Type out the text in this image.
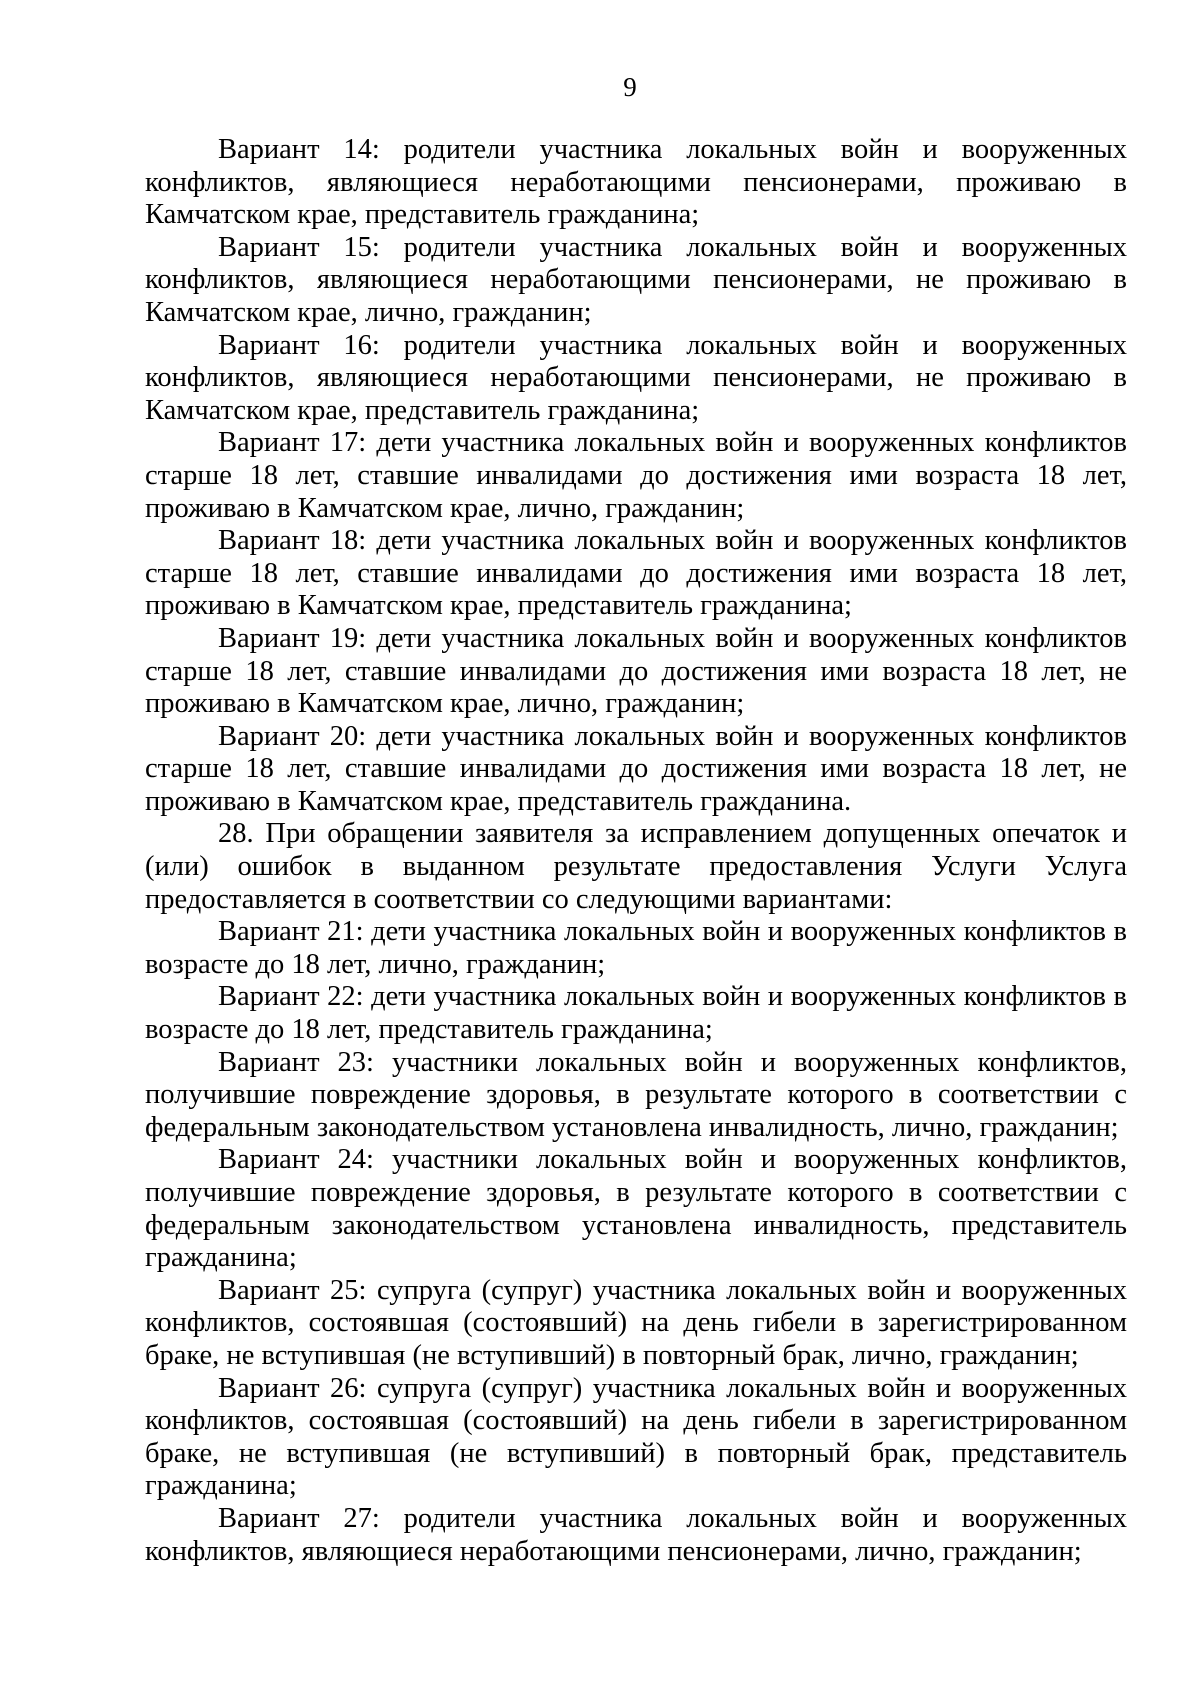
9

Вариант 14: родители участника локальных войн и вооруженных конфликтов, являющиеся неработающими пенсионерами, проживаю в Камчатском крае, представитель гражданина;

Вариант 15: родители участника локальных войн и вооруженных конфликтов, являющиеся неработающими пенсионерами, не проживаю в Камчатском крае, лично, гражданин;

Вариант 16: родители участника локальных войн и вооруженных конфликтов, являющиеся неработающими пенсионерами, не проживаю в Камчатском крае, представитель гражданина;

Вариант 17: дети участника локальных войн и вооруженных конфликтов старше 18 лет, ставшие инвалидами до достижения ими возраста 18 лет, проживаю в Камчатском крае, лично, гражданин;

Вариант 18: дети участника локальных войн и вооруженных конфликтов старше 18 лет, ставшие инвалидами до достижения ими возраста 18 лет, проживаю в Камчатском крае, представитель гражданина;

Вариант 19: дети участника локальных войн и вооруженных конфликтов старше 18 лет, ставшие инвалидами до достижения ими возраста 18 лет, не проживаю в Камчатском крае, лично, гражданин;

Вариант 20: дети участника локальных войн и вооруженных конфликтов старше 18 лет, ставшие инвалидами до достижения ими возраста 18 лет, не проживаю в Камчатском крае, представитель гражданина.

28. При обращении заявителя за исправлением допущенных опечаток и (или) ошибок в выданном результате предоставления Услуги Услуга предоставляется в соответствии со следующими вариантами:

Вариант 21: дети участника локальных войн и вооруженных конфликтов в возрасте до 18 лет, лично, гражданин;

Вариант 22: дети участника локальных войн и вооруженных конфликтов в возрасте до 18 лет, представитель гражданина;

Вариант 23: участники локальных войн и вооруженных конфликтов, получившие повреждение здоровья, в результате которого в соответствии с федеральным законодательством установлена инвалидность, лично, гражданин;

Вариант 24: участники локальных войн и вооруженных конфликтов, получившие повреждение здоровья, в результате которого в соответствии с федеральным законодательством установлена инвалидность, представитель гражданина;

Вариант 25: супруга (супруг) участника локальных войн и вооруженных конфликтов, состоявшая (состоявший) на день гибели в зарегистрированном браке, не вступившая (не вступивший) в повторный брак, лично, гражданин;

Вариант 26: супруга (супруг) участника локальных войн и вооруженных конфликтов, состоявшая (состоявший) на день гибели в зарегистрированном браке, не вступившая (не вступивший) в повторный брак, представитель гражданина;

Вариант 27: родители участника локальных войн и вооруженных конфликтов, являющиеся неработающими пенсионерами, лично, гражданин;
